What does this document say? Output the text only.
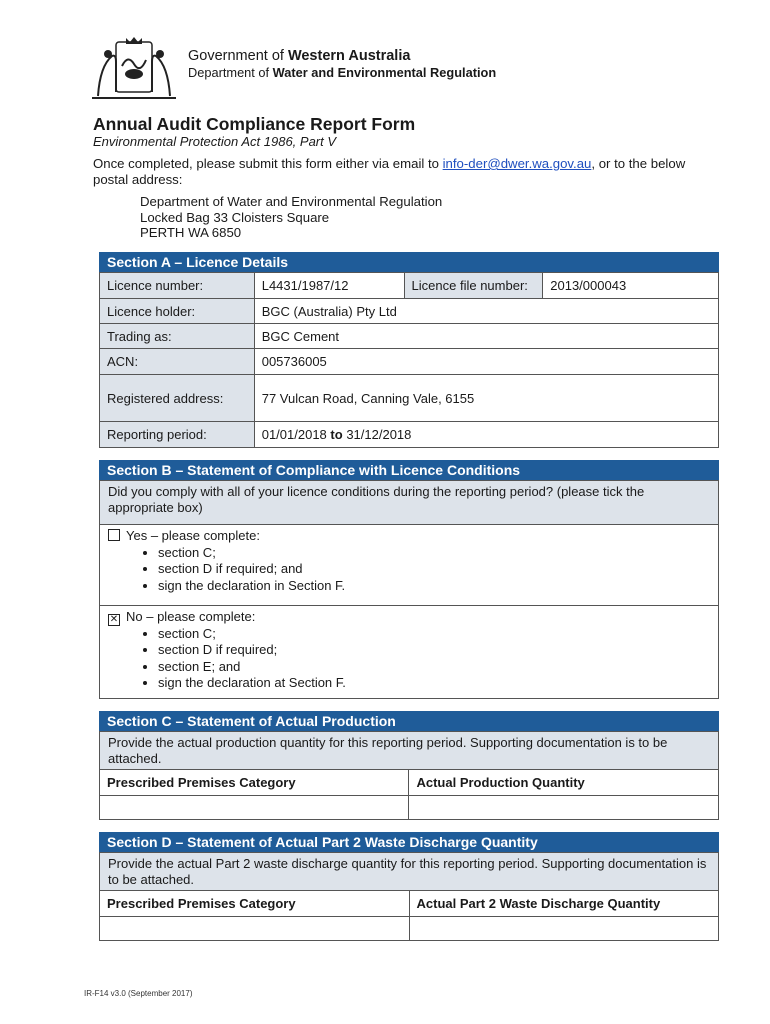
Government of Western Australia
Department of Water and Environmental Regulation
Annual Audit Compliance Report Form
Environmental Protection Act 1986, Part V
Once completed, please submit this form either via email to info-der@dwer.wa.gov.au, or to the below postal address:
Department of Water and Environmental Regulation
Locked Bag 33 Cloisters Square
PERTH WA 6850
Section A – Licence Details
Licence number:	L4431/1987/12	Licence file number:	2013/000043
Licence holder:	BGC (Australia) Pty Ltd		
Trading as:	BGC Cement		
ACN:	005736005		
Registered address:	77 Vulcan Road, Canning Vale, 6155		
Reporting period:	01/01/2018 to 31/12/2018		
Section B – Statement of Compliance with Licence Conditions
Did you comply with all of your licence conditions during the reporting period? (please tick the appropriate box)
Yes – please complete:
• section C;
• section D if required; and
• sign the declaration in Section F.
✕ No – please complete:
• section C;
• section D if required;
• section E; and
• sign the declaration at Section F.
Section C – Statement of Actual Production
Provide the actual production quantity for this reporting period. Supporting documentation is to be attached.
Prescribed Premises Category	Actual Production Quantity

Section D – Statement of Actual Part 2 Waste Discharge Quantity
Provide the actual Part 2 waste discharge quantity for this reporting period. Supporting documentation is to be attached.
Prescribed Premises Category	Actual Part 2 Waste Discharge Quantity

IR-F14 v3.0 (September 2017)
